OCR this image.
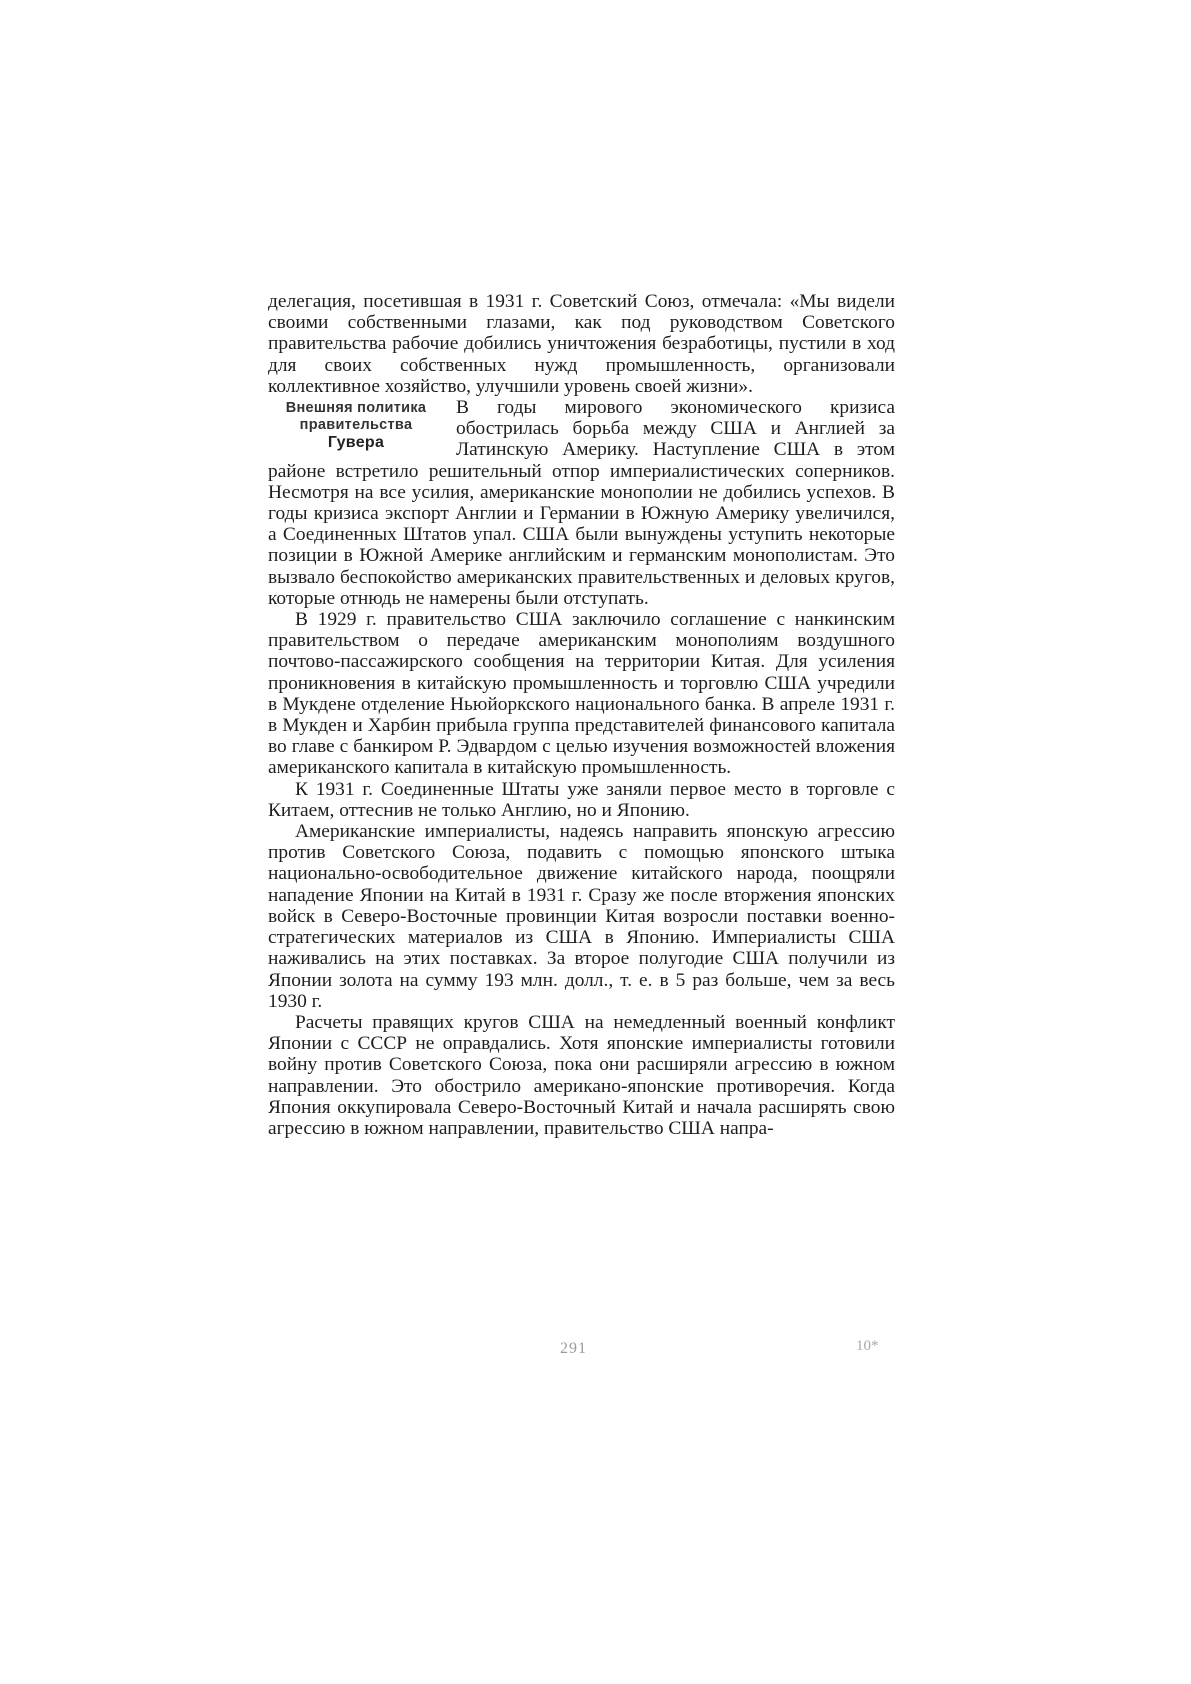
делегация, посетившая в 1931 г. Советский Союз, отмечала: «Мы видели своими собственными глазами, как под руководством Советского правительства рабочие добились уничтожения безработицы, пустили в ход для своих собственных нужд промышленность, организовали коллективное хозяйство, улучшили уровень своей жизни».

Внешняя политика
правительства
Гувера

В годы мирового экономического кризиса обострилась борьба между США и Англией за Латинскую Америку. Наступление США в этом районе встретило решительный отпор империалистических соперников. Несмотря на все усилия, американские монополии не добились успехов. В годы кризиса экспорт Англии и Германии в Южную Америку увеличился, а Соединенных Штатов упал. США были вынуждены уступить некоторые позиции в Южной Америке английским и германским монополистам. Это вызвало беспокойство американских правительственных и деловых кругов, которые отнюдь не намерены были отступать.

В 1929 г. правительство США заключило соглашение с нанкинским правительством о передаче американским монополиям воздушного почтово-пассажирского сообщения на территории Китая. Для усиления проникновения в китайскую промышленность и торговлю США учредили в Мукдене отделение Ньюйоркского национального банка. В апреле 1931 г. в Мукден и Харбин прибыла группа представителей финансового капитала во главе с банкиром Р. Эдвардом с целью изучения возможностей вложения американского капитала в китайскую промышленность.

К 1931 г. Соединенные Штаты уже заняли первое место в торговле с Китаем, оттеснив не только Англию, но и Японию.

Американские империалисты, надеясь направить японскую агрессию против Советского Союза, подавить с помощью японского штыка национально-освободительное движение китайского народа, поощряли нападение Японии на Китай в 1931 г. Сразу же после вторжения японских войск в Северо-Восточные провинции Китая возросли поставки военно-стратегических материалов из США в Японию. Империалисты США наживались на этих поставках. За второе полугодие США получили из Японии золота на сумму 193 млн. долл., т. е. в 5 раз больше, чем за весь 1930 г.

Расчеты правящих кругов США на немедленный военный конфликт Японии с СССР не оправдались. Хотя японские империалисты готовили войну против Советского Союза, пока они расширяли агрессию в южном направлении. Это обострило американо-японские противоречия. Когда Япония оккупировала Северо-Восточный Китай и начала расширять свою агрессию в южном направлении, правительство США напра-

291	10*
